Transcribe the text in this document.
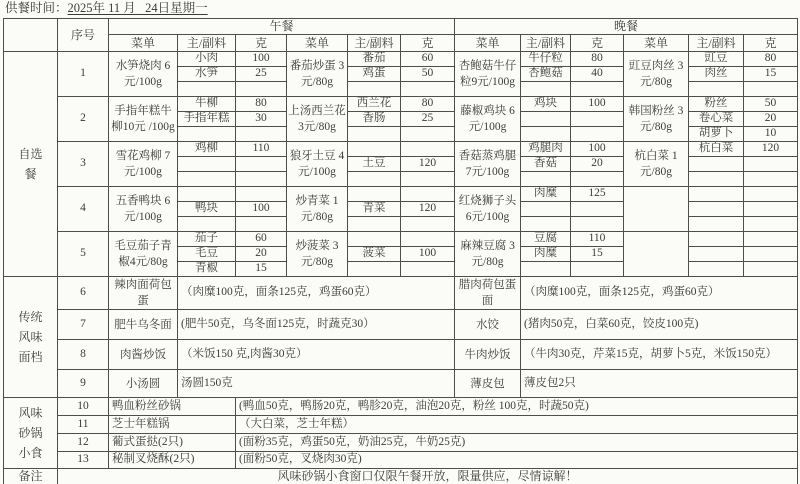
供餐时间：2025年 11 月   24日星期一
	序号	午餐						晚餐					
		菜单	主/副料	克	菜单	主/副料	克	菜单	主/副料	克	菜单	主/副料	克
自选餐	1	水笋烧肉 6元/100g	小肉	100	番茄炒蛋 3元/80g	番茄	60	杏鲍菇牛仔粒9元/100g	牛仔粒	80	豇豆肉丝 3元/80g	豇豆	80
			水笋	25		鸡蛋	50		杏鲍菇	40		肉丝	15

	2	手指年糕牛柳10元 /100g	牛柳	80	上汤西兰花 3元/80g	西兰花	80	藤椒鸡块 6元/100g	鸡块	100	韩国粉丝 3元/80g	粉丝	50
			手指年糕	30		香肠	25					卷心菜	20
												胡萝卜	10
	3	雪花鸡柳 7元/100g	鸡柳	110	狼牙土豆 4元/100g			香菇蒸鸡腿 7元/100g	鸡腿肉	100	杭白菜 1元/80g	杭白菜	120
						土豆	120		香菇	20			

	4	五香鸭块 6元/100g			炒青菜 1元/80g			红烧狮子头 6元/100g	肉糜	125			
			鸭块	100		青菜	120						

	5	毛豆茄子青椒4元/80g	茄子	60	炒菠菜 3元/80g			麻辣豆腐 3元/80g	豆腐	110			
			毛豆	20		菠菜	100		肉糜	15			
			青椒	15									
传统风味面档	6	辣肉面荷包蛋	（肉糜100克，面条125克，鸡蛋60克）					腊肉荷包蛋面	（肉糜100克，面条125克，鸡蛋60克）				
	7	肥牛乌冬面	(肥牛50克，乌冬面125克，时蔬克30）					水饺	(猪肉50克，白菜60克，饺皮100克)				
	8	肉酱炒饭	（米饭150 克,肉酱30克）					牛肉炒饭	（牛肉30克，芹菜15克，胡萝卜5克，米饭150克）				
	9	小汤圆	汤圆150克					薄皮包	薄皮包2只				
风味砂锅小食	10	鸭血粉丝砂锅		(鸭血50克，鸭肠20克，鸭胗20克，油泡20克，粉丝 100克，时蔬50克)									
	11	芝士年糕锅		（大白菜，芝士年糕）									
	12	葡式蛋挞(2只)		(面粉35克，鸡蛋50克，奶油25克，牛奶25克)									
	13	秘制叉烧酥(2只)		(面粉50克，叉烧肉30克)									
备注	风味砂锅小食窗口仅限午餐开放，限量供应，尽情谅解！												
